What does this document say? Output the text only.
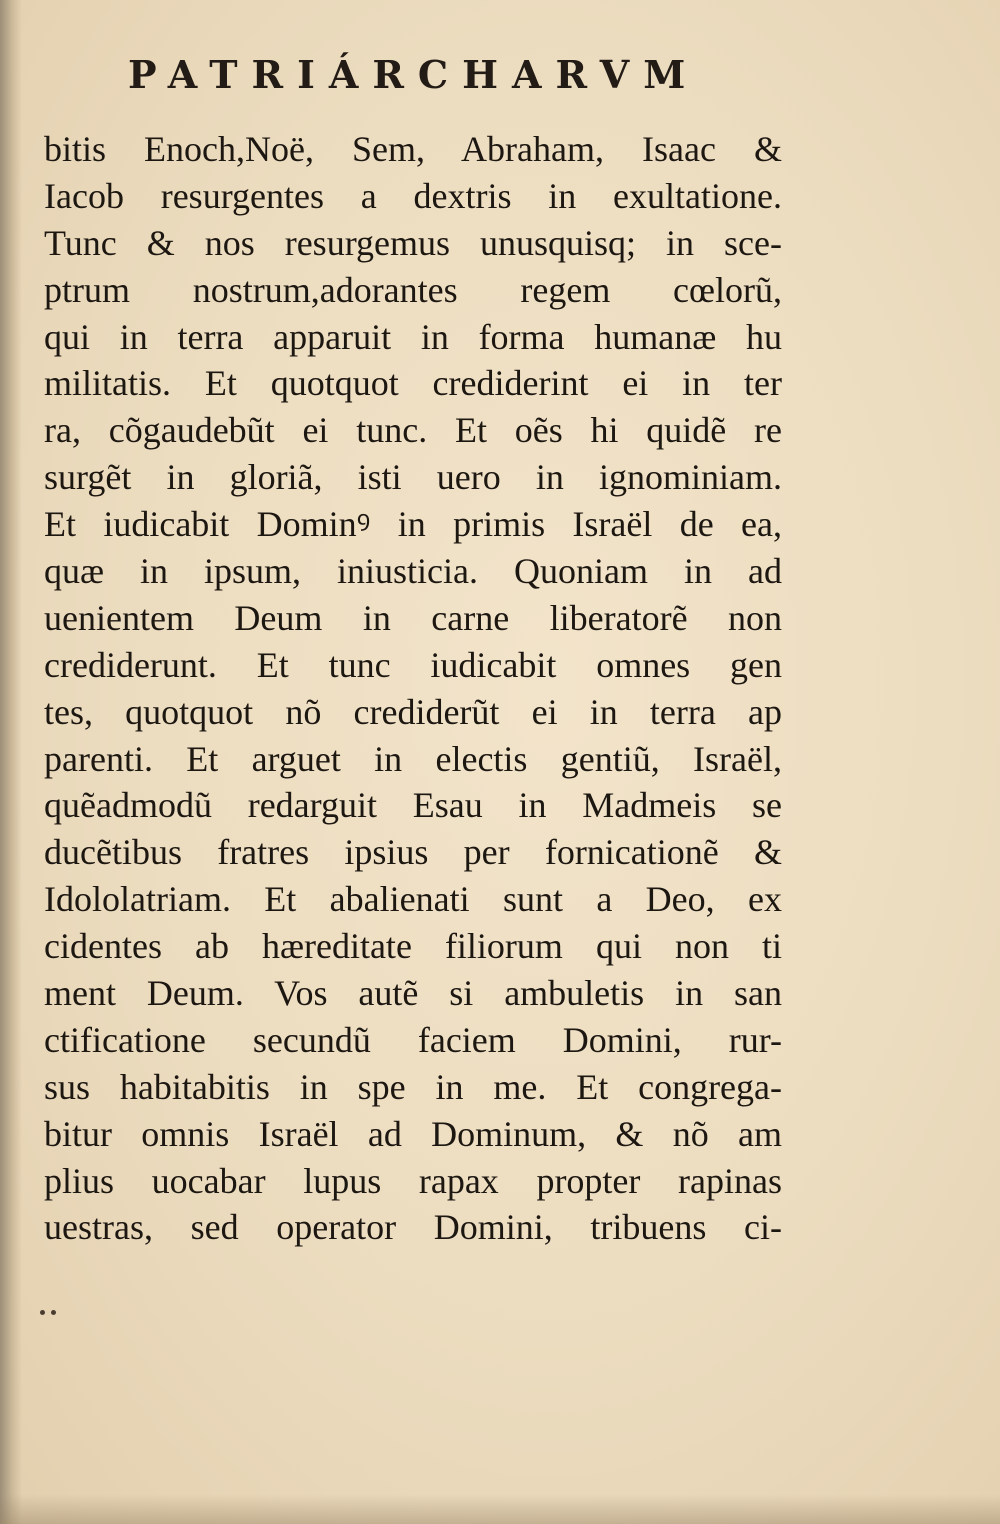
PATRIÁRCHARVM
bitis Enoch,Noë, Sem, Abraham, Isaac &
Iacob resurgentes a dextris in exultatione.
Tunc & nos resurgemus unusquisq; in sce-
ptrum nostrum,adorantes regem cœlorũ,
qui in terra apparuit in forma humanæ hu
militatis. Et quotquot crediderint ei in ter
ra, cõgaudebũt ei tunc. Et oẽs hi quidẽ re
surgẽt in gloriã, isti uero in ignominiam.
Et iudicabit Dominꝰ in primis Israël de ea,
quæ in ipsum, iniusticia. Quoniam in ad
uenientem Deum in carne liberatorẽ non
crediderunt. Et tunc iudicabit omnes gen
tes, quotquot nõ crediderũt ei in terra ap
parenti. Et arguet in electis gentiũ, Israël,
quẽadmodũ redarguit Esau in Madmeis se
ducẽtibus fratres ipsius per fornicationẽ &
Idololatriam. Et abalienati sunt a Deo, ex
cidentes ab hæreditate filiorum qui non ti
ment Deum. Vos autẽ si ambuletis in san
ctificatione secundũ faciem Domini, rur-
sus habitabitis in spe in me. Et congrega-
bitur omnis Israël ad Dominum, & nõ am
plius uocabar lupus rapax propter rapinas
uestras, sed operator Domini, tribuens ci-
